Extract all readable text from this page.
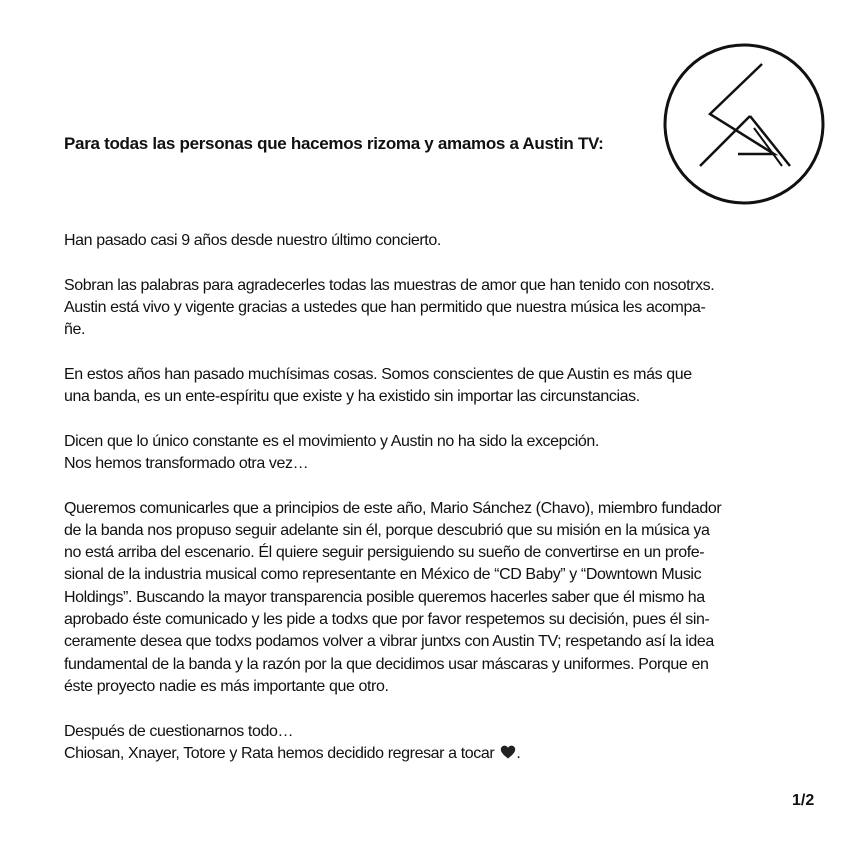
Para todas las personas que hacemos rizoma y amamos a Austin TV:

Han pasado casi 9 años desde nuestro último concierto.

Sobran las palabras para agradecerles todas las muestras de amor que han tenido con nosotrxs.
Austin está vivo y vigente gracias a ustedes que han permitido que nuestra música les acompa-
ñe.

En estos años han pasado muchísimas cosas. Somos conscientes de que Austin es más que
una banda, es un ente-espíritu que existe y ha existido sin importar las circunstancias.

Dicen que lo único constante es el movimiento y Austin no ha sido la excepción.
Nos hemos transformado otra vez…

Queremos comunicarles que a principios de este año, Mario Sánchez (Chavo), miembro fundador
de la banda nos propuso seguir adelante sin él, porque descubrió que su misión en la música ya
no está arriba del escenario. Él quiere seguir persiguiendo su sueño de convertirse en un profe-
sional de la industria musical como representante en México de “CD Baby” y “Downtown Music
Holdings”. Buscando la mayor transparencia posible queremos hacerles saber que él mismo ha
aprobado éste comunicado y les pide a todxs que por favor respetemos su decisión, pues él sin-
ceramente desea que todxs podamos volver a vibrar juntxs con Austin TV; respetando así la idea
fundamental de la banda y la razón por la que decidimos usar máscaras y uniformes. Porque en
éste proyecto nadie es más importante que otro.

Después de cuestionarnos todo…
Chiosan, Xnayer, Totore y Rata hemos decidido regresar a tocar .

1/2
